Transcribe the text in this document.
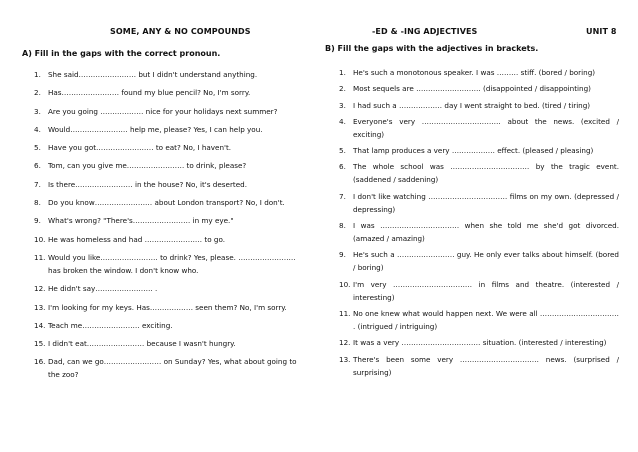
SOME, ANY & NO COMPOUNDS
A) Fill in the gaps with the correct pronoun.
1. She said…………………… but I didn't understand anything.
2. Has…………………… found my blue pencil? No, I'm sorry.
3. Are you going ……………… nice for your holidays next summer?
4. Would…………………… help me, please? Yes, I can help you.
5. Have you got…………………… to eat? No, I haven't.
6. Tom, can you give me…………………… to drink, please?
7. Is there…………………… in the house? No, it's deserted.
8. Do you know…………………… about London transport? No, I don't.
9. What's wrong? "There's…………………… in my eye."
10. He was homeless and had …………………… to go.
11. Would you like…………………… to drink? Yes, please. ……………………has broken the window. I don't know who.
12. He didn't say…………………… .
13. I'm looking for my keys. Has……………… seen them? No, I'm sorry.
14. Teach me…………………… exciting.
15. I didn't eat…………………… because I wasn't hungry.
16. Dad, can we go…………………… on Sunday? Yes, what about going to the zoo?
-ED & -ING ADJECTIVES	UNIT 8
B) Fill the gaps with the adjectives in brackets.
1. He's such a monotonous speaker. I was ……… stiff. (bored / boring)
2. Most sequels are ……………………… (disappointed / disappointing)
3. I had such a ……………… day I went straight to bed. (tired / tiring)
4. Everyone's very …………………………… about the news. (excited / exciting)
5. That lamp produces a very ……………… effect. (pleased / pleasing)
6. The whole school was …………………………… by the tragic event. (saddened / saddening)
7. I don't like watching …………………………… films on my own. (depressed / depressing)
8. I was …………………………… when she told me she'd got divorced. (amazed / amazing)
9. He's such a …………………… guy. He only ever talks about himself. (bored / boring)
10. I'm very …………………………… in films and theatre. (interested / interesting)
11. No one knew what would happen next. We were all …………………………… . (intrigued / intriguing)
12. It was a very …………………………… situation. (interested / interesting)
13. There's been some very …………………………… news. (surprised / surprising)
